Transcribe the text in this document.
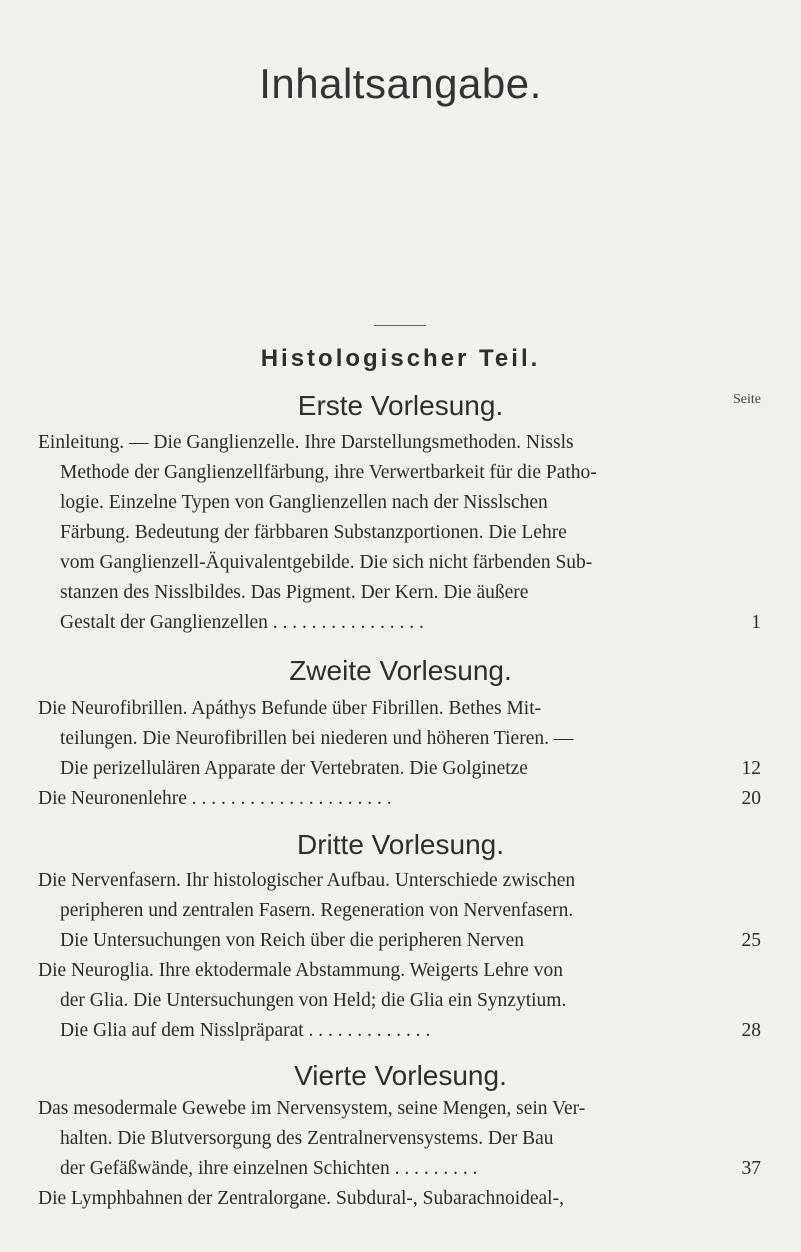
Inhaltsangabe.
Histologischer Teil.
Seite
Erste Vorlesung.
Einleitung. — Die Ganglienzelle. Ihre Darstellungsmethoden. Nissls
Methode der Ganglienzellfärbung, ihre Verwertbarkeit für die Patho-
logie. Einzelne Typen von Ganglienzellen nach der Nisslschen
Färbung. Bedeutung der färbbaren Substanzportionen. Die Lehre
vom Ganglienzell-Äquivalentgebilde. Die sich nicht färbenden Sub-
stanzen des Nisslbildes. Das Pigment. Der Kern. Die äußere
Gestalt der Ganglienzellen . . . . . . . . . . . . . . . .	1
Zweite Vorlesung.
Die Neurofibrillen. Apáthys Befunde über Fibrillen. Bethes Mit-
teilungen. Die Neurofibrillen bei niederen und höheren Tieren. —
Die perizellulären Apparate der Vertebraten. Die Golginetze
Die Neuronenlehre . . . . . . . . . . . . . . . . . . . . .
12
20
Dritte Vorlesung.
Die Nervenfasern. Ihr histologischer Aufbau. Unterschiede zwischen
peripheren und zentralen Fasern. Regeneration von Nervenfasern.
Die Untersuchungen von Reich über die peripheren Nerven
Die Neuroglia. Ihre ektodermale Abstammung. Weigerts Lehre von
der Glia. Die Untersuchungen von Held; die Glia ein Synzytium.
Die Glia auf dem Nisslpräparat . . . . . . . . . . . . .
25
28
Vierte Vorlesung.
Das mesodermale Gewebe im Nervensystem, seine Mengen, sein Ver-
halten. Die Blutversorgung des Zentralnervensystems. Der Bau
der Gefäßwände, ihre einzelnen Schichten . . . . . . . . .
Die Lymphbahnen der Zentralorgane. Subdural-, Subarachnoideal-,
37
